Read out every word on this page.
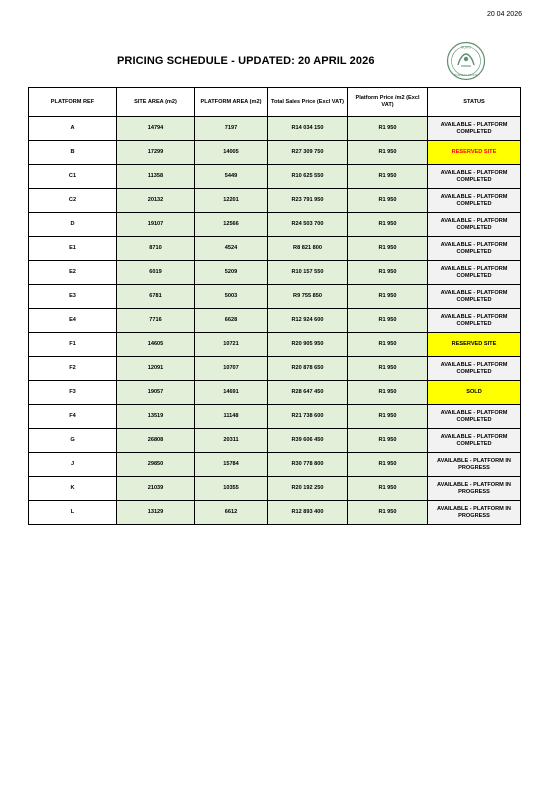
20 04 2026
PRICING SCHEDULE - UPDATED: 20 APRIL 2026
NUKO
BUSINESS ESTATE
PLATFORM REF	SITE AREA (m2)	PLATFORM AREA (m2)	Total Sales Price (Excl VAT)	Platform Price /m2 (Excl VAT)	STATUS
A	14794	7197	R14 034 150	R1 950	AVAILABLE - PLATFORM COMPLETED
B	17299	14005	R27 309 750	R1 950	RESERVED SITE
C1	11358	5449	R10 625 550	R1 950	AVAILABLE - PLATFORM COMPLETED
C2	20132	12201	R23 791 950	R1 950	AVAILABLE - PLATFORM COMPLETED
D	19107	12566	R24 503 700	R1 950	AVAILABLE - PLATFORM COMPLETED
E1	8710	4524	R8 821 800	R1 950	AVAILABLE - PLATFORM COMPLETED
E2	6019	5209	R10 157 550	R1 950	AVAILABLE - PLATFORM COMPLETED
E3	6781	5003	R9 755 850	R1 950	AVAILABLE - PLATFORM COMPLETED
E4	7716	6628	R12 924 600	R1 950	AVAILABLE - PLATFORM COMPLETED
F1	14605	10721	R20 905 950	R1 950	RESERVED SITE
F2	12091	10707	R20 878 650	R1 950	AVAILABLE - PLATFORM COMPLETED
F3	19057	14691	R28 647 450	R1 950	SOLD
F4	13519	11148	R21 738 600	R1 950	AVAILABLE - PLATFORM COMPLETED
G	26808	20311	R39 606 450	R1 950	AVAILABLE - PLATFORM COMPLETED
J	29850	15784	R30 778 800	R1 950	AVAILABLE - PLATFORM IN PROGRESS
K	21039	10355	R20 192 250	R1 950	AVAILABLE - PLATFORM IN PROGRESS
L	13129	6612	R12 893 400	R1 950	AVAILABLE - PLATFORM IN PROGRESS
